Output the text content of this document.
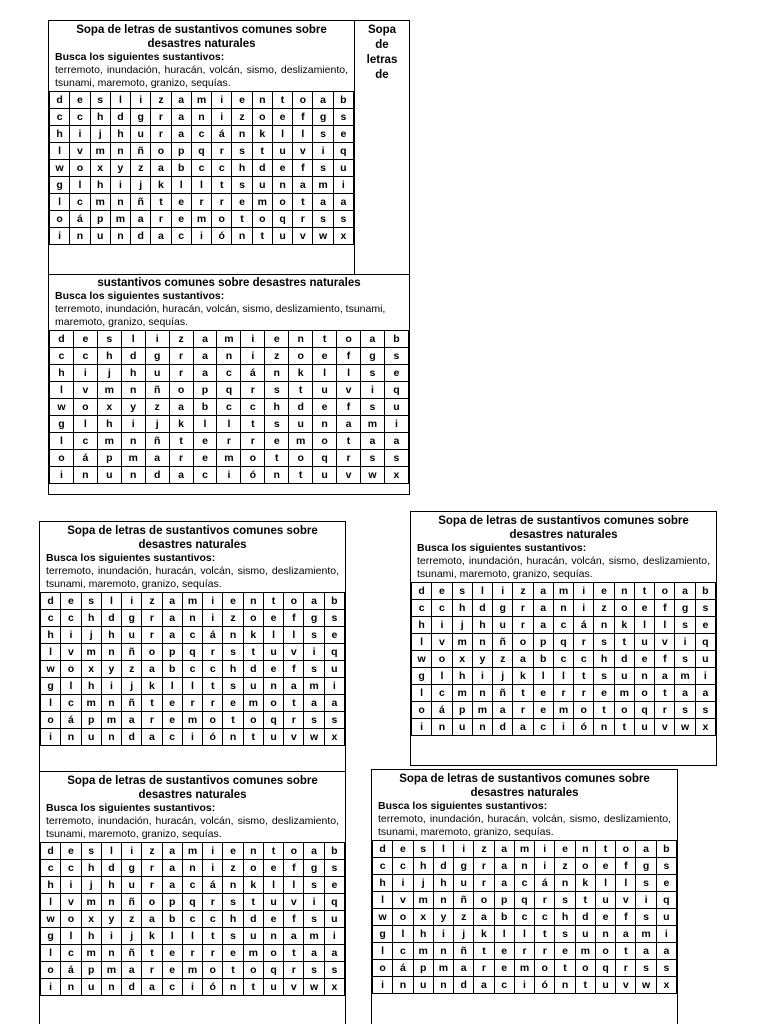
Sopa de letras de sustantivos comunes sobre
desastres naturales
Busca los siguientes sustantivos:
terremoto, inundación, huracán, volcán, sismo, deslizamiento, tsunami, maremoto, granizo, sequías.
d	e	s	l	i	z	a	m	i	e	n	t	o	a	b
c	c	h	d	g	r	a	n	i	z	o	e	f	g	s
h	i	j	h	u	r	a	c	á	n	k	l	l	s	e
l	v	m	n	ñ	o	p	q	r	s	t	u	v	i	q
w	o	x	y	z	a	b	c	c	h	d	e	f	s	u
g	l	h	i	j	k	l	l	t	s	u	n	a	m	i
l	c	m	n	ñ	t	e	r	r	e	m	o	t	a	a
o	á	p	m	a	r	e	m	o	t	o	q	r	s	s
i	n	u	n	d	a	c	i	ó	n	t	u	v	w	x
Sopa de letras de
sustantivos comunes sobre desastres naturales
Busca los siguientes sustantivos:
terremoto, inundación, huracán, volcán, sismo, deslizamiento, tsunami, maremoto, granizo, sequías.
d	e	s	l	i	z	a	m	i	e	n	t	o	a	b
c	c	h	d	g	r	a	n	i	z	o	e	f	g	s
h	i	j	h	u	r	a	c	á	n	k	l	l	s	e
l	v	m	n	ñ	o	p	q	r	s	t	u	v	i	q
w	o	x	y	z	a	b	c	c	h	d	e	f	s	u
g	l	h	i	j	k	l	l	t	s	u	n	a	m	i
l	c	m	n	ñ	t	e	r	r	e	m	o	t	a	a
o	á	p	m	a	r	e	m	o	t	o	q	r	s	s
i	n	u	n	d	a	c	i	ó	n	t	u	v	w	x
Sopa de letras de sustantivos comunes sobre
desastres naturales
Busca los siguientes sustantivos:
terremoto, inundación, huracán, volcán, sismo, deslizamiento, tsunami, maremoto, granizo, sequías.
d	e	s	l	i	z	a	m	i	e	n	t	o	a	b
c	c	h	d	g	r	a	n	i	z	o	e	f	g	s
h	i	j	h	u	r	a	c	á	n	k	l	l	s	e
l	v	m	n	ñ	o	p	q	r	s	t	u	v	i	q
w	o	x	y	z	a	b	c	c	h	d	e	f	s	u
g	l	h	i	j	k	l	l	t	s	u	n	a	m	i
l	c	m	n	ñ	t	e	r	r	e	m	o	t	a	a
o	á	p	m	a	r	e	m	o	t	o	q	r	s	s
i	n	u	n	d	a	c	i	ó	n	t	u	v	w	x
Sopa de letras de sustantivos comunes sobre
desastres naturales
Busca los siguientes sustantivos:
terremoto, inundación, huracán, volcán, sismo, deslizamiento, tsunami, maremoto, granizo, sequías.
d	e	s	l	i	z	a	m	i	e	n	t	o	a	b
c	c	h	d	g	r	a	n	i	z	o	e	f	g	s
h	i	j	h	u	r	a	c	á	n	k	l	l	s	e
l	v	m	n	ñ	o	p	q	r	s	t	u	v	i	q
w	o	x	y	z	a	b	c	c	h	d	e	f	s	u
g	l	h	i	j	k	l	l	t	s	u	n	a	m	i
l	c	m	n	ñ	t	e	r	r	e	m	o	t	a	a
o	á	p	m	a	r	e	m	o	t	o	q	r	s	s
i	n	u	n	d	a	c	i	ó	n	t	u	v	w	x
Sopa de letras de sustantivos comunes sobre
desastres naturales
Busca los siguientes sustantivos:
terremoto, inundación, huracán, volcán, sismo, deslizamiento, tsunami, maremoto, granizo, sequías.
d	e	s	l	i	z	a	m	i	e	n	t	o	a	b
c	c	h	d	g	r	a	n	i	z	o	e	f	g	s
h	i	j	h	u	r	a	c	á	n	k	l	l	s	e
l	v	m	n	ñ	o	p	q	r	s	t	u	v	i	q
w	o	x	y	z	a	b	c	c	h	d	e	f	s	u
g	l	h	i	j	k	l	l	t	s	u	n	a	m	i
l	c	m	n	ñ	t	e	r	r	e	m	o	t	a	a
o	á	p	m	a	r	e	m	o	t	o	q	r	s	s
i	n	u	n	d	a	c	i	ó	n	t	u	v	w	x
Sopa de letras de sustantivos comunes sobre
desastres naturales
Busca los siguientes sustantivos:
terremoto, inundación, huracán, volcán, sismo, deslizamiento, tsunami, maremoto, granizo, sequías.
d	e	s	l	i	z	a	m	i	e	n	t	o	a	b
c	c	h	d	g	r	a	n	i	z	o	e	f	g	s
h	i	j	h	u	r	a	c	á	n	k	l	l	s	e
l	v	m	n	ñ	o	p	q	r	s	t	u	v	i	q
w	o	x	y	z	a	b	c	c	h	d	e	f	s	u
g	l	h	i	j	k	l	l	t	s	u	n	a	m	i
l	c	m	n	ñ	t	e	r	r	e	m	o	t	a	a
o	á	p	m	a	r	e	m	o	t	o	q	r	s	s
i	n	u	n	d	a	c	i	ó	n	t	u	v	w	x
